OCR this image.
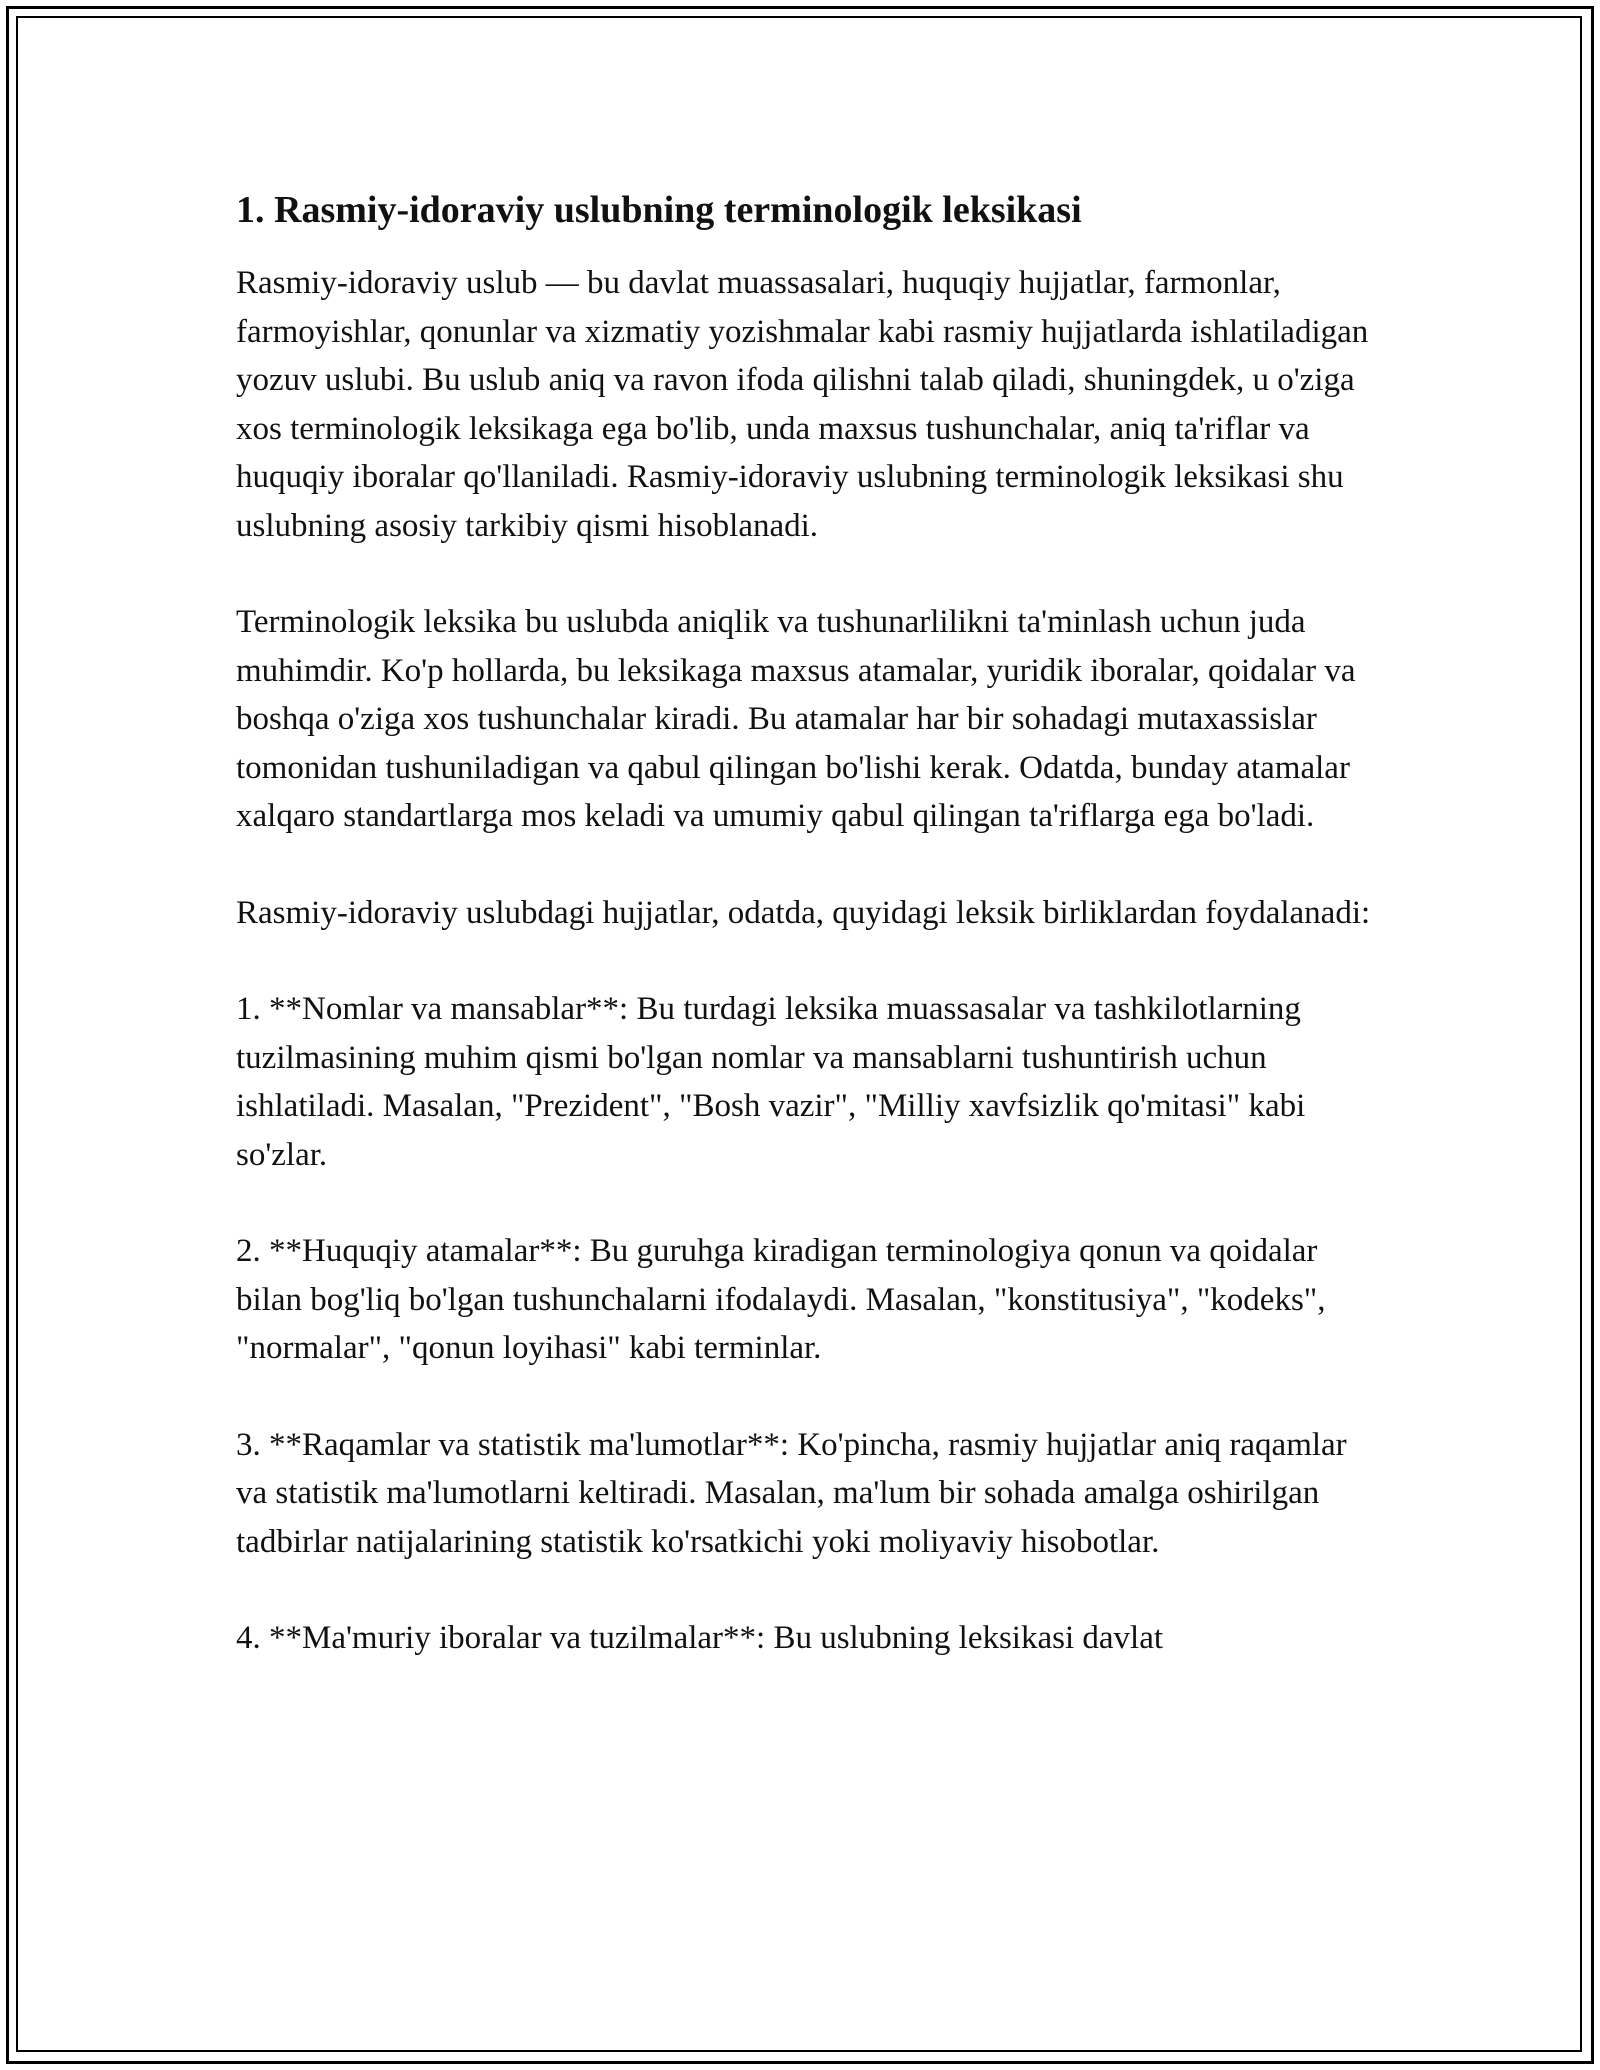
1. Rasmiy-idoraviy uslubning terminologik leksikasi

Rasmiy-idoraviy uslub — bu davlat muassasalari, huquqiy hujjatlar, farmonlar, farmoyishlar, qonunlar va xizmatiy yozishmalar kabi rasmiy hujjatlarda ishlatiladigan yozuv uslubi. Bu uslub aniq va ravon ifoda qilishni talab qiladi, shuningdek, u o'ziga xos terminologik leksikaga ega bo'lib, unda maxsus tushunchalar, aniq ta'riflar va huquqiy iboralar qo'llaniladi. Rasmiy-idoraviy uslubning terminologik leksikasi shu uslubning asosiy tarkibiy qismi hisoblanadi.

Terminologik leksika bu uslubda aniqlik va tushunarlilikni ta'minlash uchun juda muhimdir. Ko'p hollarda, bu leksikaga maxsus atamalar, yuridik iboralar, qoidalar va boshqa o'ziga xos tushunchalar kiradi. Bu atamalar har bir sohadagi mutaxassislar tomonidan tushuniladigan va qabul qilingan bo'lishi kerak. Odatda, bunday atamalar xalqaro standartlarga mos keladi va umumiy qabul qilingan ta'riflarga ega bo'ladi.

Rasmiy-idoraviy uslubdagi hujjatlar, odatda, quyidagi leksik birliklardan foydalanadi:

1. **Nomlar va mansablar**: Bu turdagi leksika muassasalar va tashkilotlarning tuzilmasining muhim qismi bo'lgan nomlar va mansablarni tushuntirish uchun ishlatiladi. Masalan, "Prezident", "Bosh vazir", "Milliy xavfsizlik qo'mitasi" kabi so'zlar.

2. **Huquqiy atamalar**: Bu guruhga kiradigan terminologiya qonun va qoidalar bilan bog'liq bo'lgan tushunchalarni ifodalaydi. Masalan, "konstitusiya", "kodeks", "normalar", "qonun loyihasi" kabi terminlar.

3. **Raqamlar va statistik ma'lumotlar**: Ko'pincha, rasmiy hujjatlar aniq raqamlar va statistik ma'lumotlarni keltiradi. Masalan, ma'lum bir sohada amalga oshirilgan tadbirlar natijalarining statistik ko'rsatkichi yoki moliyaviy hisobotlar.

4. **Ma'muriy iboralar va tuzilmalar**: Bu uslubning leksikasi davlat
